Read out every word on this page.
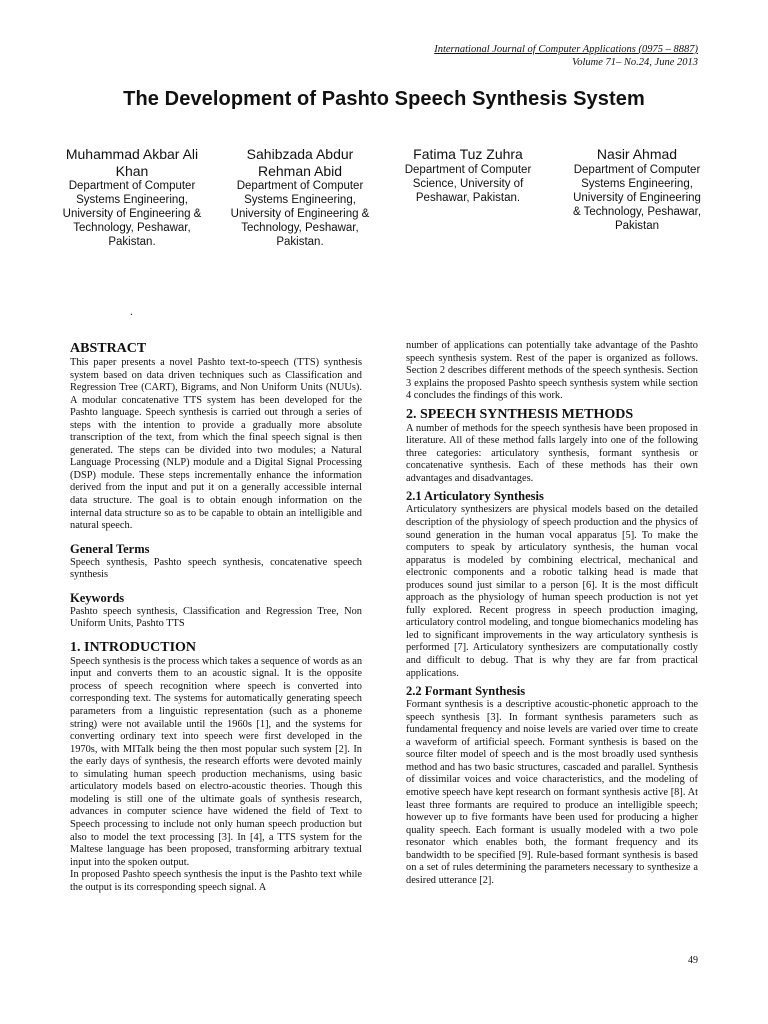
International Journal of Computer Applications (0975 – 8887)
Volume 71– No.24, June 2013
The Development of Pashto Speech Synthesis System
Muhammad Akbar Ali Khan
Department of Computer Systems Engineering, University of Engineering & Technology, Peshawar, Pakistan.
Sahibzada Abdur Rehman Abid
Department of Computer Systems Engineering, University of Engineering & Technology, Peshawar, Pakistan.
Fatima Tuz Zuhra
Department of Computer Science, University of Peshawar, Pakistan.
Nasir Ahmad
Department of Computer Systems Engineering, University of Engineering & Technology, Peshawar, Pakistan
.
ABSTRACT

This paper presents a novel Pashto text-to-speech (TTS) synthesis system based on data driven techniques such as Classification and Regression Tree (CART), Bigrams, and Non Uniform Units (NUUs). A modular concatenative TTS system has been developed for the Pashto language. Speech synthesis is carried out through a series of steps with the intention to provide a gradually more absolute transcription of the text, from which the final speech signal is then generated. The steps can be divided into two modules; a Natural Language Processing (NLP) module and a Digital Signal Processing (DSP) module. These steps incrementally enhance the information derived from the input and put it on a generally accessible internal data structure. The goal is to obtain enough information on the internal data structure so as to be capable to obtain an intelligible and natural speech.

General Terms

Speech synthesis, Pashto speech synthesis, concatenative speech synthesis

Keywords

Pashto speech synthesis, Classification and Regression Tree, Non Uniform Units, Pashto TTS

1. INTRODUCTION

Speech synthesis is the process which takes a sequence of words as an input and converts them to an acoustic signal. It is the opposite process of speech recognition where speech is converted into corresponding text. The systems for automatically generating speech parameters from a linguistic representation (such as a phoneme string) were not available until the 1960s [1], and the systems for converting ordinary text into speech were first developed in the 1970s, with MITalk being the then most popular such system [2]. In the early days of synthesis, the research efforts were devoted mainly to simulating human speech production mechanisms, using basic articulatory models based on electro-acoustic theories. Though this modeling is still one of the ultimate goals of synthesis research, advances in computer science have widened the field of Text to Speech processing to include not only human speech production but also to model the text processing [3]. In [4], a TTS system for the Maltese language has been proposed, transforming arbitrary textual input into the spoken output.

In proposed Pashto speech synthesis the input is the Pashto text while the output is its corresponding speech signal. A

number of applications can potentially take advantage of the Pashto speech synthesis system. Rest of the paper is organized as follows. Section 2 describes different methods of the speech synthesis. Section 3 explains the proposed Pashto speech synthesis system while section 4 concludes the findings of this work.

2. SPEECH SYNTHESIS METHODS

A number of methods for the speech synthesis have been proposed in literature. All of these method falls largely into one of the following three categories: articulatory synthesis, formant synthesis or concatenative synthesis. Each of these methods has their own advantages and disadvantages.

2.1 Articulatory Synthesis

Articulatory synthesizers are physical models based on the detailed description of the physiology of speech production and the physics of sound generation in the human vocal apparatus [5]. To make the computers to speak by articulatory synthesis, the human vocal apparatus is modeled by combining electrical, mechanical and electronic components and a robotic talking head is made that produces sound just similar to a person [6]. It is the most difficult approach as the physiology of human speech production is not yet fully explored. Recent progress in speech production imaging, articulatory control modeling, and tongue biomechanics modeling has led to significant improvements in the way articulatory synthesis is performed [7]. Articulatory synthesizers are computationally costly and difficult to debug. That is why they are far from practical applications.

2.2 Formant Synthesis

Formant synthesis is a descriptive acoustic-phonetic approach to the speech synthesis [3]. In formant synthesis parameters such as fundamental frequency and noise levels are varied over time to create a waveform of artificial speech. Formant synthesis is based on the source filter model of speech and is the most broadly used synthesis method and has two basic structures, cascaded and parallel. Synthesis of dissimilar voices and voice characteristics, and the modeling of emotive speech have kept research on formant synthesis active [8]. At least three formants are required to produce an intelligible speech; however up to five formants have been used for producing a higher quality speech. Each formant is usually modeled with a two pole resonator which enables both, the formant frequency and its bandwidth to be specified [9]. Rule-based formant synthesis is based on a set of rules determining the parameters necessary to synthesize a desired utterance [2].

49
